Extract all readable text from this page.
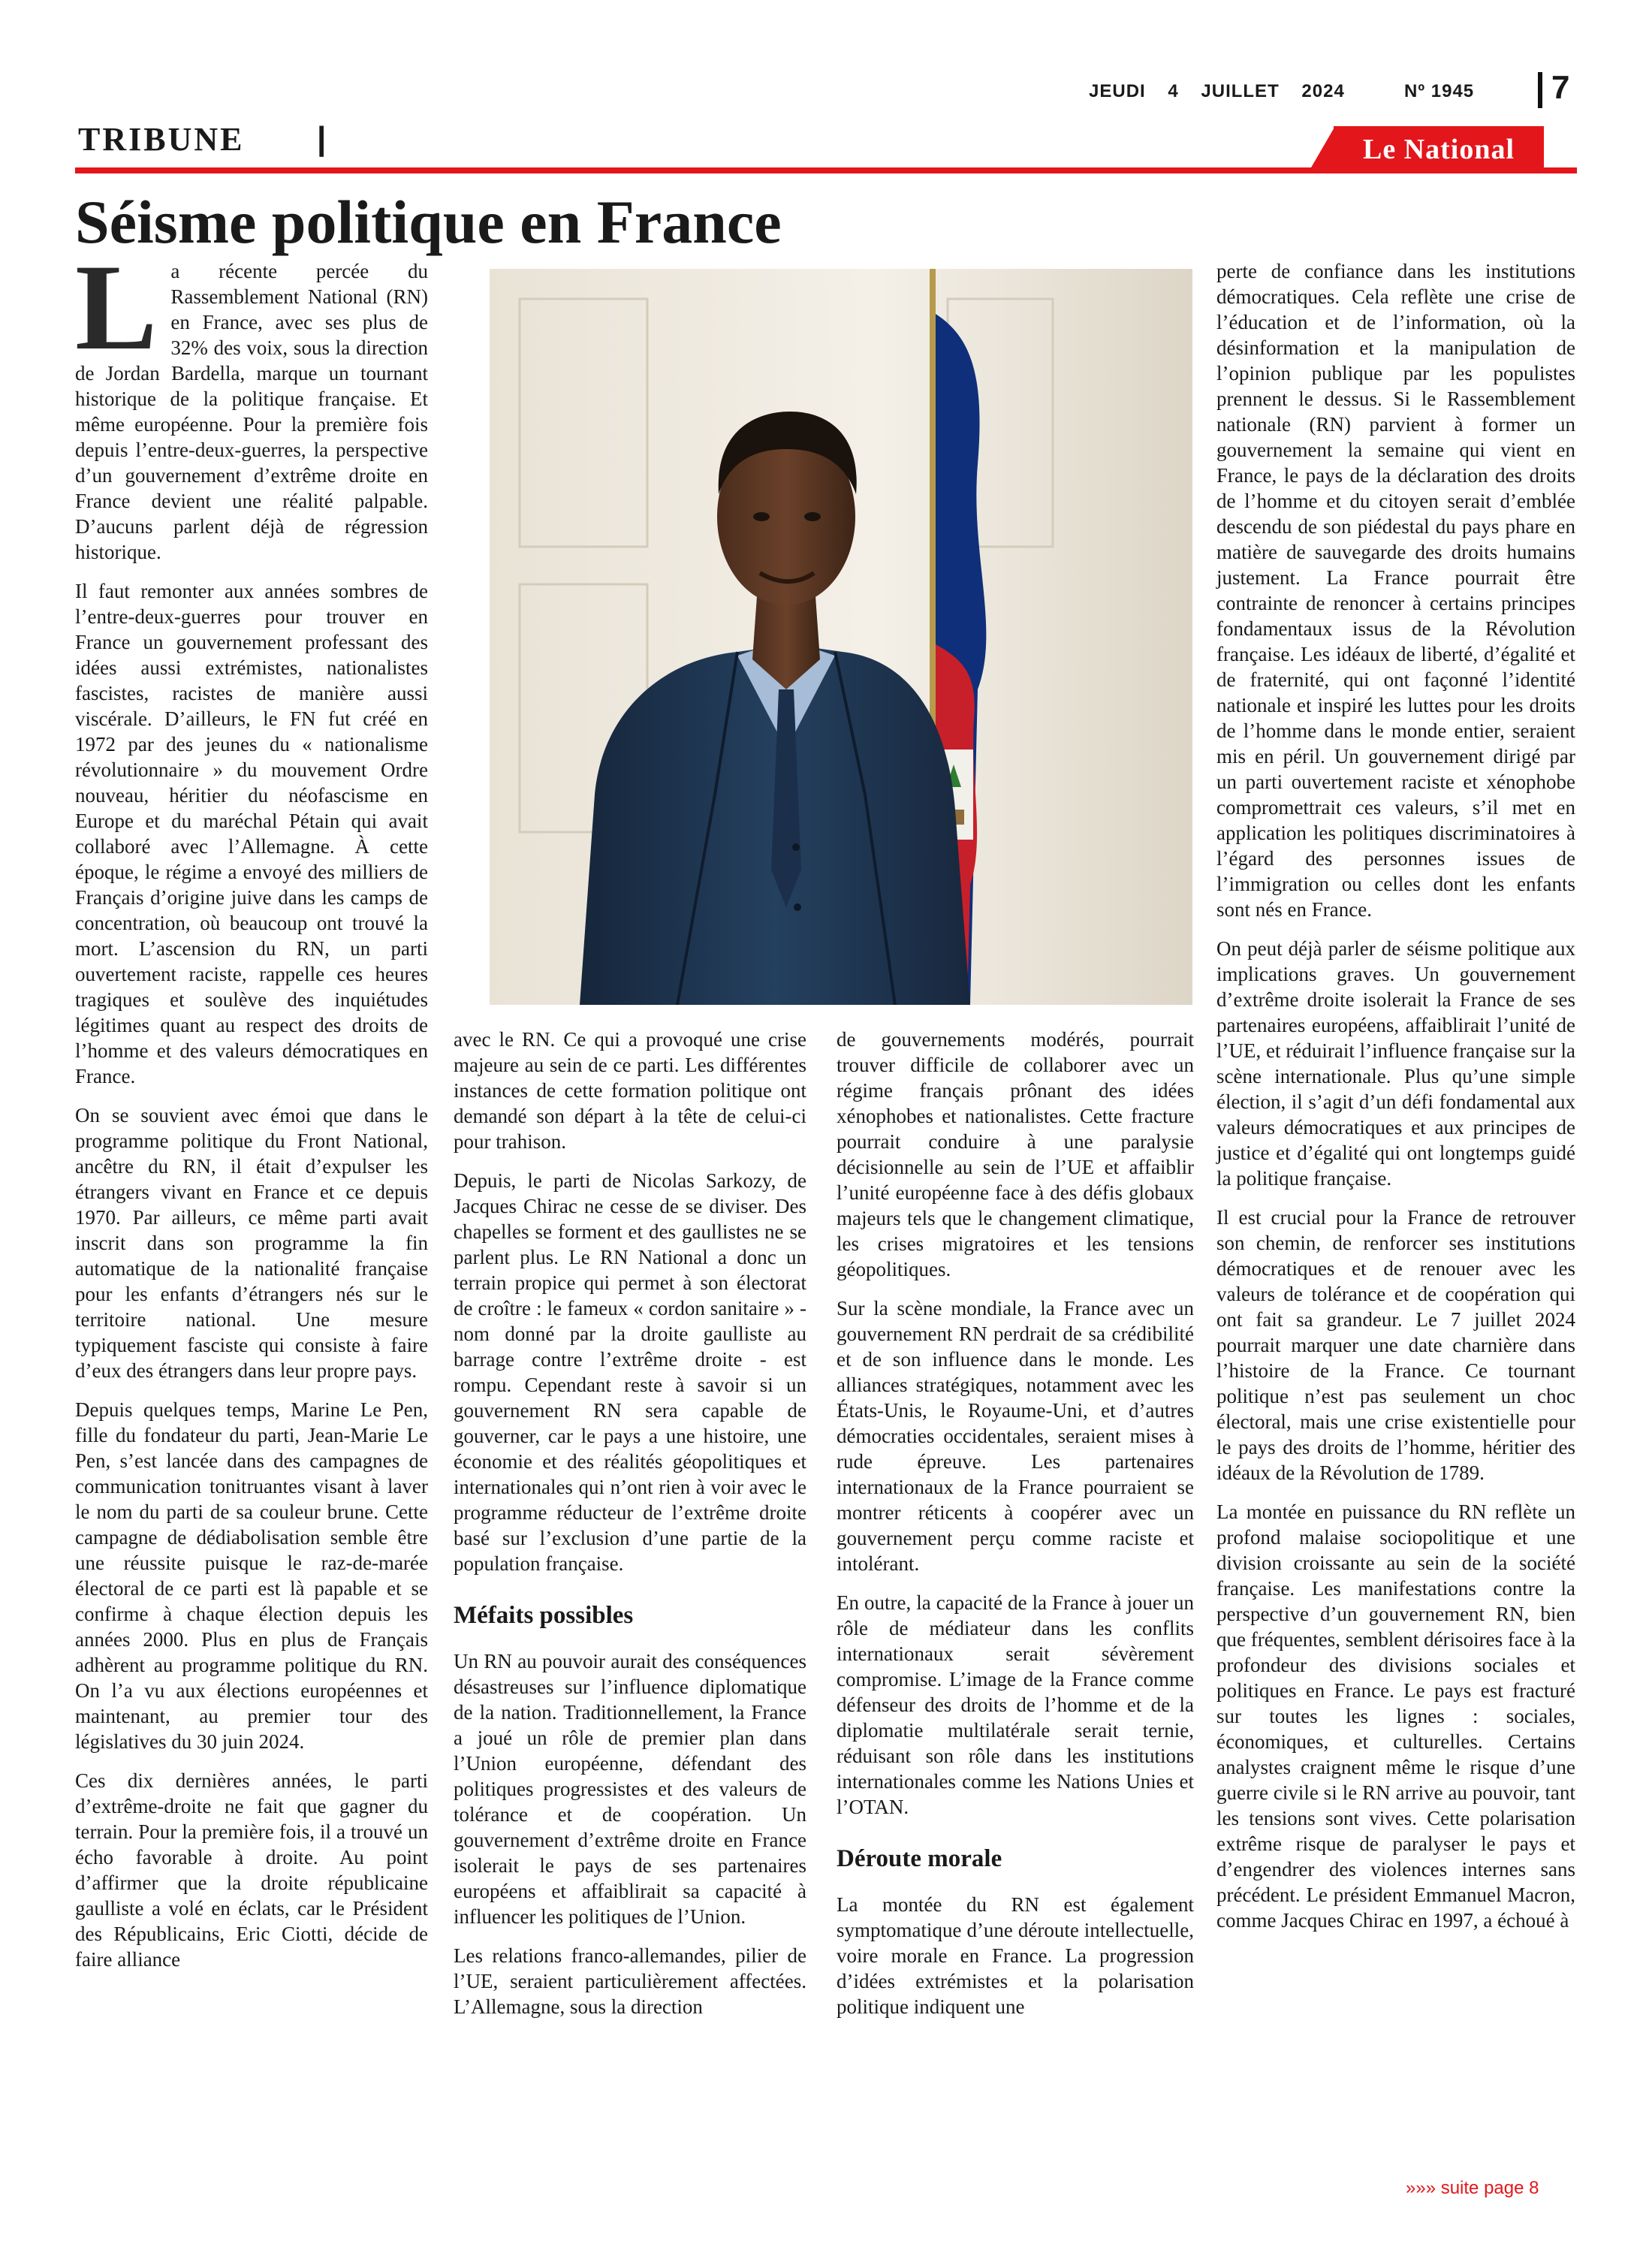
JEUDI 4 JUILLET 2024	Nº 1945 7
TRIBUNE |	Le National
Séisme politique en France
L a récente percée du Rassemblement National (RN) en France, avec ses plus de 32% des voix, sous la direction de Jordan Bardella, marque un tournant historique de la politique française. Et même européenne. Pour la première fois depuis l’entre-deux-guerres, la perspective d’un gouvernement d’extrême droite en France devient une réalité palpable. D’aucuns parlent déjà de régression historique.

Il faut remonter aux années sombres de l’entre-deux-guerres pour trouver en France un gouvernement professant des idées aussi extrémistes, nationalistes fascistes, racistes de manière aussi viscérale. D’ailleurs, le FN fut créé en 1972 par des jeunes du « nationalisme révolutionnaire » du mouvement Ordre nouveau, héritier du néofascisme en Europe et du maréchal Pétain qui avait collaboré avec l’Allemagne. À cette époque, le régime a envoyé des milliers de Français d’origine juive dans les camps de concentration, où beaucoup ont trouvé la mort. L’ascension du RN, un parti ouvertement raciste, rappelle ces heures tragiques et soulève des inquiétudes légitimes quant au respect des droits de l’homme et des valeurs démocratiques en France.

On se souvient avec émoi que dans le programme politique du Front National, ancêtre du RN, il était d’expulser les étrangers vivant en France et ce depuis 1970. Par ailleurs, ce même parti avait inscrit dans son programme la fin automatique de la nationalité française pour les enfants d’étrangers nés sur le territoire national. Une mesure typiquement fasciste qui consiste à faire d’eux des étrangers dans leur propre pays.

Depuis quelques temps, Marine Le Pen, fille du fondateur du parti, Jean-Marie Le Pen, s’est lancée dans des campagnes de communication tonitruantes visant à laver le nom du parti de sa couleur brune. Cette campagne de dédiabolisation semble être une réussite puisque le raz-de-marée électoral de ce parti est là papable et se confirme à chaque élection depuis les années 2000. Plus en plus de Français adhèrent au programme politique du RN. On l’a vu aux élections européennes et maintenant, au premier tour des législatives du 30 juin 2024.

Ces dix dernières années, le parti d’extrême-droite ne fait que gagner du terrain. Pour la première fois, il a trouvé un écho favorable à droite. Au point d’affirmer que la droite républicaine gaulliste a volé en éclats, car le Président des Républicains, Eric Ciotti, décide de faire alliance

avec le RN. Ce qui a provoqué une crise majeure au sein de ce parti. Les différentes instances de cette formation politique ont demandé son départ à la tête de celui-ci pour trahison.

Depuis, le parti de Nicolas Sarkozy, de Jacques Chirac ne cesse de se diviser. Des chapelles se forment et des gaullistes ne se parlent plus. Le RN National a donc un terrain propice qui permet à son électorat de croître : le fameux « cordon sanitaire » - nom donné par la droite gaulliste au barrage contre l’extrême droite - est rompu. Cependant reste à savoir si un gouvernement RN sera capable de gouverner, car le pays a une histoire, une économie et des réalités géopolitiques et internationales qui n’ont rien à voir avec le programme réducteur de l’extrême droite basé sur l’exclusion d’une partie de la population française.

Méfaits possibles

Un RN au pouvoir aurait des conséquences désastreuses sur l’influence diplomatique de la nation. Traditionnellement, la France a joué un rôle de premier plan dans l’Union européenne, défendant des politiques progressistes et des valeurs de tolérance et de coopération. Un gouvernement d’extrême droite en France isolerait le pays de ses partenaires européens et affaiblirait sa capacité à influencer les politiques de l’Union.

Les relations franco-allemandes, pilier de l’UE, seraient particulièrement affectées. L’Allemagne, sous la direction

de gouvernements modérés, pourrait trouver difficile de collaborer avec un régime français prônant des idées xénophobes et nationalistes. Cette fracture pourrait conduire à une paralysie décisionnelle au sein de l’UE et affaiblir l’unité européenne face à des défis globaux majeurs tels que le changement climatique, les crises migratoires et les tensions géopolitiques.

Sur la scène mondiale, la France avec un gouvernement RN perdrait de sa crédibilité et de son influence dans le monde. Les alliances stratégiques, notamment avec les États-Unis, le Royaume-Uni, et d’autres démocraties occidentales, seraient mises à rude épreuve. Les partenaires internationaux de la France pourraient se montrer réticents à coopérer avec un gouvernement perçu comme raciste et intolérant.

En outre, la capacité de la France à jouer un rôle de médiateur dans les conflits internationaux serait sévèrement compromise. L’image de la France comme défenseur des droits de l’homme et de la diplomatie multilatérale serait ternie, réduisant son rôle dans les institutions internationales comme les Nations Unies et l’OTAN.

Déroute morale

La montée du RN est également symptomatique d’une déroute intellectuelle, voire morale en France. La progression d’idées extrémistes et la polarisation politique indiquent une

perte de confiance dans les institutions démocratiques. Cela reflète une crise de l’éducation et de l’information, où la désinformation et la manipulation de l’opinion publique par les populistes prennent le dessus. Si le Rassemblement nationale (RN) parvient à former un gouvernement la semaine qui vient en France, le pays de la déclaration des droits de l’homme et du citoyen serait d’emblée descendu de son piédestal du pays phare en matière de sauvegarde des droits humains justement. La France pourrait être contrainte de renoncer à certains principes fondamentaux issus de la Révolution française. Les idéaux de liberté, d’égalité et de fraternité, qui ont façonné l’identité nationale et inspiré les luttes pour les droits de l’homme dans le monde entier, seraient mis en péril. Un gouvernement dirigé par un parti ouvertement raciste et xénophobe compromettrait ces valeurs, s’il met en application les politiques discriminatoires à l’égard des personnes issues de l’immigration ou celles dont les enfants sont nés en France.

On peut déjà parler de séisme politique aux implications graves. Un gouvernement d’extrême droite isolerait la France de ses partenaires européens, affaiblirait l’unité de l’UE, et réduirait l’influence française sur la scène internationale. Plus qu’une simple élection, il s’agit d’un défi fondamental aux valeurs démocratiques et aux principes de justice et d’égalité qui ont longtemps guidé la politique française.

Il est crucial pour la France de retrouver son chemin, de renforcer ses institutions démocratiques et de renouer avec les valeurs de tolérance et de coopération qui ont fait sa grandeur. Le 7 juillet 2024 pourrait marquer une date charnière dans l’histoire de la France. Ce tournant politique n’est pas seulement un choc électoral, mais une crise existentielle pour le pays des droits de l’homme, héritier des idéaux de la Révolution de 1789.

La montée en puissance du RN reflète un profond malaise sociopolitique et une division croissante au sein de la société française. Les manifestations contre la perspective d’un gouvernement RN, bien que fréquentes, semblent dérisoires face à la profondeur des divisions sociales et politiques en France. Le pays est fracturé sur toutes les lignes : sociales, économiques, et culturelles. Certains analystes craignent même le risque d’une guerre civile si le RN arrive au pouvoir, tant les tensions sont vives. Cette polarisation extrême risque de paralyser le pays et d’engendrer des violences internes sans précédent. Le président Emmanuel Macron, comme Jacques Chirac en 1997, a échoué à

»»» suite page 8
